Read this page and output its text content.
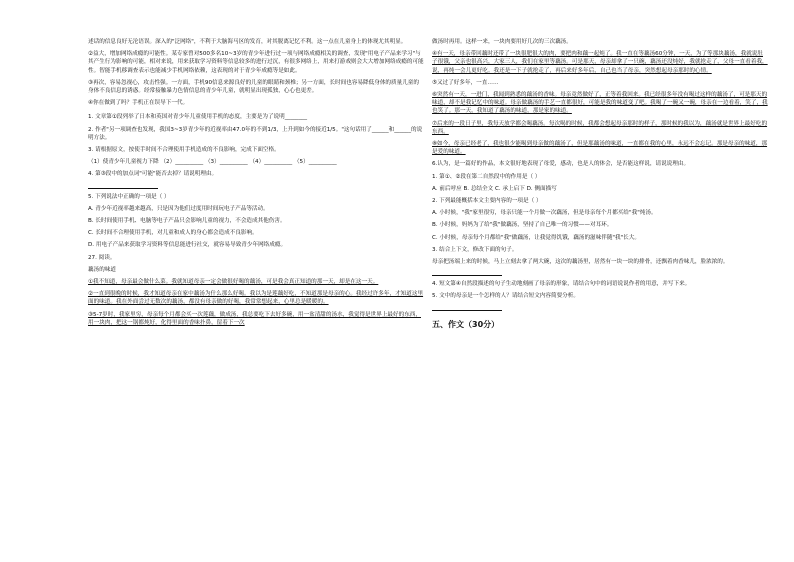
述话的信息良好无沦语误。深入的"泛网络"，不利于大脑海马区的发育，对其脱离记忆不利。这一点在儿童身上的体现尤其明显。

②益大，增加网络成瘾的可能性。某专家曾对500多名10~3岁的青少年进行过一项与网络成瘾相关的调查，发现"用电子产品来学习"与其产生行为影响的可能，相对来说，用来获取学习资料等信息较多的进行过沉，有很多网络上，用来打游戏则会大大增加网络成瘾的可能性。智能手机移调查表示也能减少手机网络依赖，这表现的对于青少年成瘾等是如此。

③再次，容易忽视心，攻击性强。一方面，手机90信息来源良好的儿童的眼睛和颈椎；另一方面，长时间也容易降低身体的质量儿童的身体不良信息的诱惑。经常接触暴力色情信息的青少年儿童，就明显出现孤独，心心也更差。

④你在做到了吗？手机正在误导下一代。

1. 文章第①段列举了日本和英国对青少年儿童使用手机的态度，主要是为了说明________

2. 作者"另一项调查也发现，我国3~3岁青少年的近视率由47.0年的不到1/3，上升到如今的接近1/5。"这句话用了______和______的说明方法。

3. 请根据原文，按使手时间不合理使用手机造成的不良影响，完成下面空格。

（1）使青少年儿童视力下降 （2）__________ （3）__________ （4）__________ （5）__________

4. 第③段中的加点词"可能"能否去掉？请说明理由。

5. 下列说法中正确的一项是（ ）

A. 青少年近视率越来越高，只是因为他们过度用时间玩电子产品等活动。

B. 长时间使用手机、电脑等电子产品只会影响儿童的视力，不会造成其他伤害。

C. 长时间不合理使用手机，对儿童和成人的身心都会造成不良影响。

D. 用电子产品来获取学习资料等信息能进行社交，就容易导致青少年网络成瘾。

27. 阅读。

藕汤的味道

①我不知道，母亲最会做什么菜。我就知道母亲一定会做很好喝的藕汤，可是我会真正知道的那一天，却是在这一天。

②一直到很晚的时候，我才知道母亲在家中藕汤为什么那么好喝。我以为是莲藕好吃，不知道那是母亲的心。我经过许多年，才知道这里面的味道。我在外面尝过无数次的藕汤，都没有母亲做的好喝，我常常想起来，心里总是暖暖的。

③5-7岁时，我家里穷，母亲每个月都会买一次莲藕，做成汤，我总要吃下去好多碗，用一盆清甜的汤水，我觉得是世界上最好的东西，用一块肉，把这一锅都炖好，化得里面的香味扑鼻，留着下一次

做汤时再用。这样一来，一块肉要用好几次的三次藕汤。

④有一天，母亲带回藕时还带了一块很肥很大的肉，要把肉和藕一起炖了。我一直在等藕汤60分钟，一天，为了等那块藕汤，我就说肚子很饿，父亲也很高兴，大家三人，我们在家里等藕汤。可是那天，母亲却拿了一只碗，藕汤还没炖好，我就抢走了，父母一直看着我，说，再炖一会儿更好吃。我还是一下子就抢走了，再后来好多年后，自己也当了母亲，突然想起母亲那时的心情。

⑤又过了好多年，一直……

⑥突然有一天，一进门，我闻到熟悉的藕汤的香味。母亲竟然做好了，正等着我回来。我已经很多年没有喝过这样的藕汤了，可是那天的味道，却不是我记忆中的味道。母亲做藕汤的手艺一直都很好，可能是我的味道变了吧。我喝了一碗又一碗，母亲在一边看着，笑了，我也笑了。那一天，我知道了藕汤的味道，那是家的味道。

⑦后来的一段日子里，我每天放学都会喝藕汤。每次喝的时候，我都会想起母亲那时的样子，那时候的我以为，藕汤就是世界上最好吃的东西。

⑧如今，母亲已经老了，我也很少能喝到母亲做的藕汤了，但是那藕汤的味道，一直都在我的心里，永远不会忘记。那是母亲的味道，那是爱的味道。

6.认为，是一篇好的作品，本文很好地表现了母爱，感动，也是人的体会，是否能这样说，请说说理由。

1. 第①、②段在第二自然段中的作用是（ ）

A. 前后呼应 B. 总结全文 C. 承上启下 D. 侧面描写

2. 下列最能概括本文主要内容的一项是（ ）

A. 小时候，"我"家里很穷，母亲只能一个月做一次藕汤，但是母亲每个月都买给"我"炖汤。

B. 小时候，妈妈为了给"我"做藕汤，坚持了自己唯一的习惯——对耳环。

C. 小时候，母亲每个月都给"我"做藕汤，让我觉得饥饿，藕汤的滋味伴随"我"长大。

3. 结合上下文，修改下面的句子。

母亲把汤端上来的时候，马上立刻去拿了两大碗，这次的藕汤里，居然有一块一块的排骨，还飘着肉香味儿，脸浓浓的。

4. 短文第④自然段描述的句子生动地刻画了母亲的形象，请结合句中的词语说说作者的用意，并写下来。

5. 文中的母亲是一个怎样的人？请结合短文内容简要分析。

五、作文（30分）
